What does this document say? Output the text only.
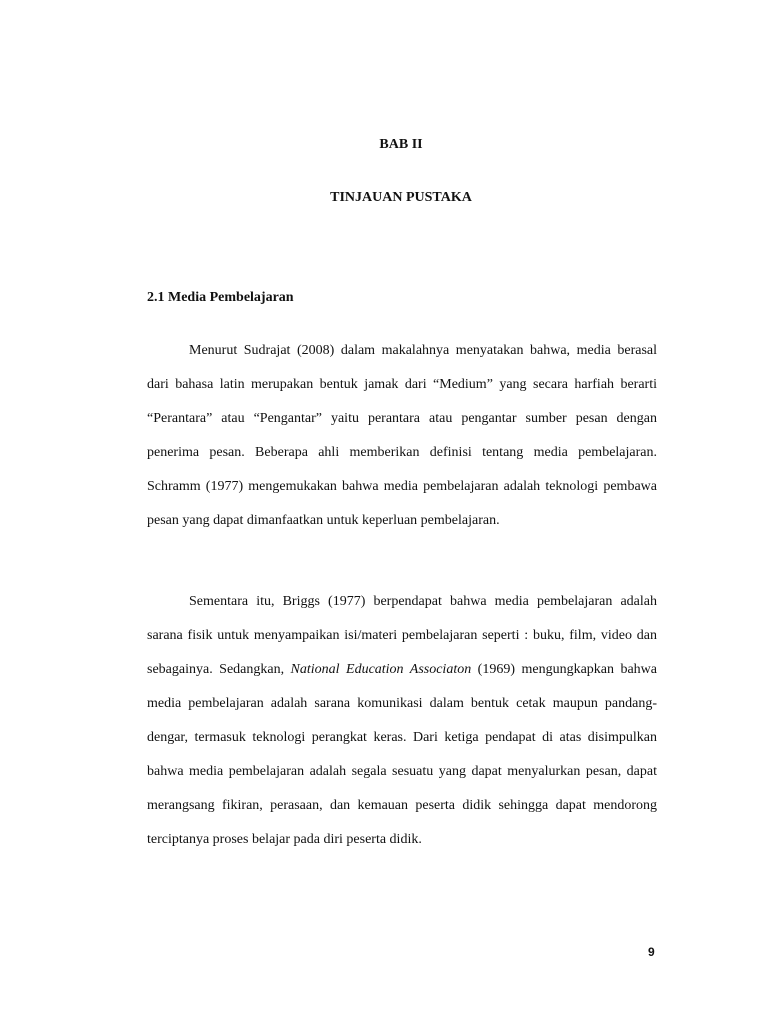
BAB II
TINJAUAN PUSTAKA
2.1 Media Pembelajaran

Menurut Sudrajat (2008) dalam makalahnya menyatakan bahwa, media berasal dari bahasa latin merupakan bentuk jamak dari “Medium” yang secara harfiah berarti “Perantara” atau “Pengantar” yaitu perantara atau pengantar sumber pesan dengan penerima pesan. Beberapa ahli memberikan definisi tentang media pembelajaran. Schramm (1977) mengemukakan bahwa media pembelajaran adalah teknologi pembawa pesan yang dapat dimanfaatkan untuk keperluan pembelajaran.

Sementara itu, Briggs (1977) berpendapat bahwa media pembelajaran adalah sarana fisik untuk menyampaikan isi/materi pembelajaran seperti : buku, film, video dan sebagainya. Sedangkan, National Education Associaton (1969) mengungkapkan bahwa media pembelajaran adalah sarana komunikasi dalam bentuk cetak maupun pandang-dengar, termasuk teknologi perangkat keras. Dari ketiga pendapat di atas disimpulkan bahwa media pembelajaran adalah segala sesuatu yang dapat menyalurkan pesan, dapat merangsang fikiran, perasaan, dan kemauan peserta didik sehingga dapat mendorong terciptanya proses belajar pada diri peserta didik.

9
